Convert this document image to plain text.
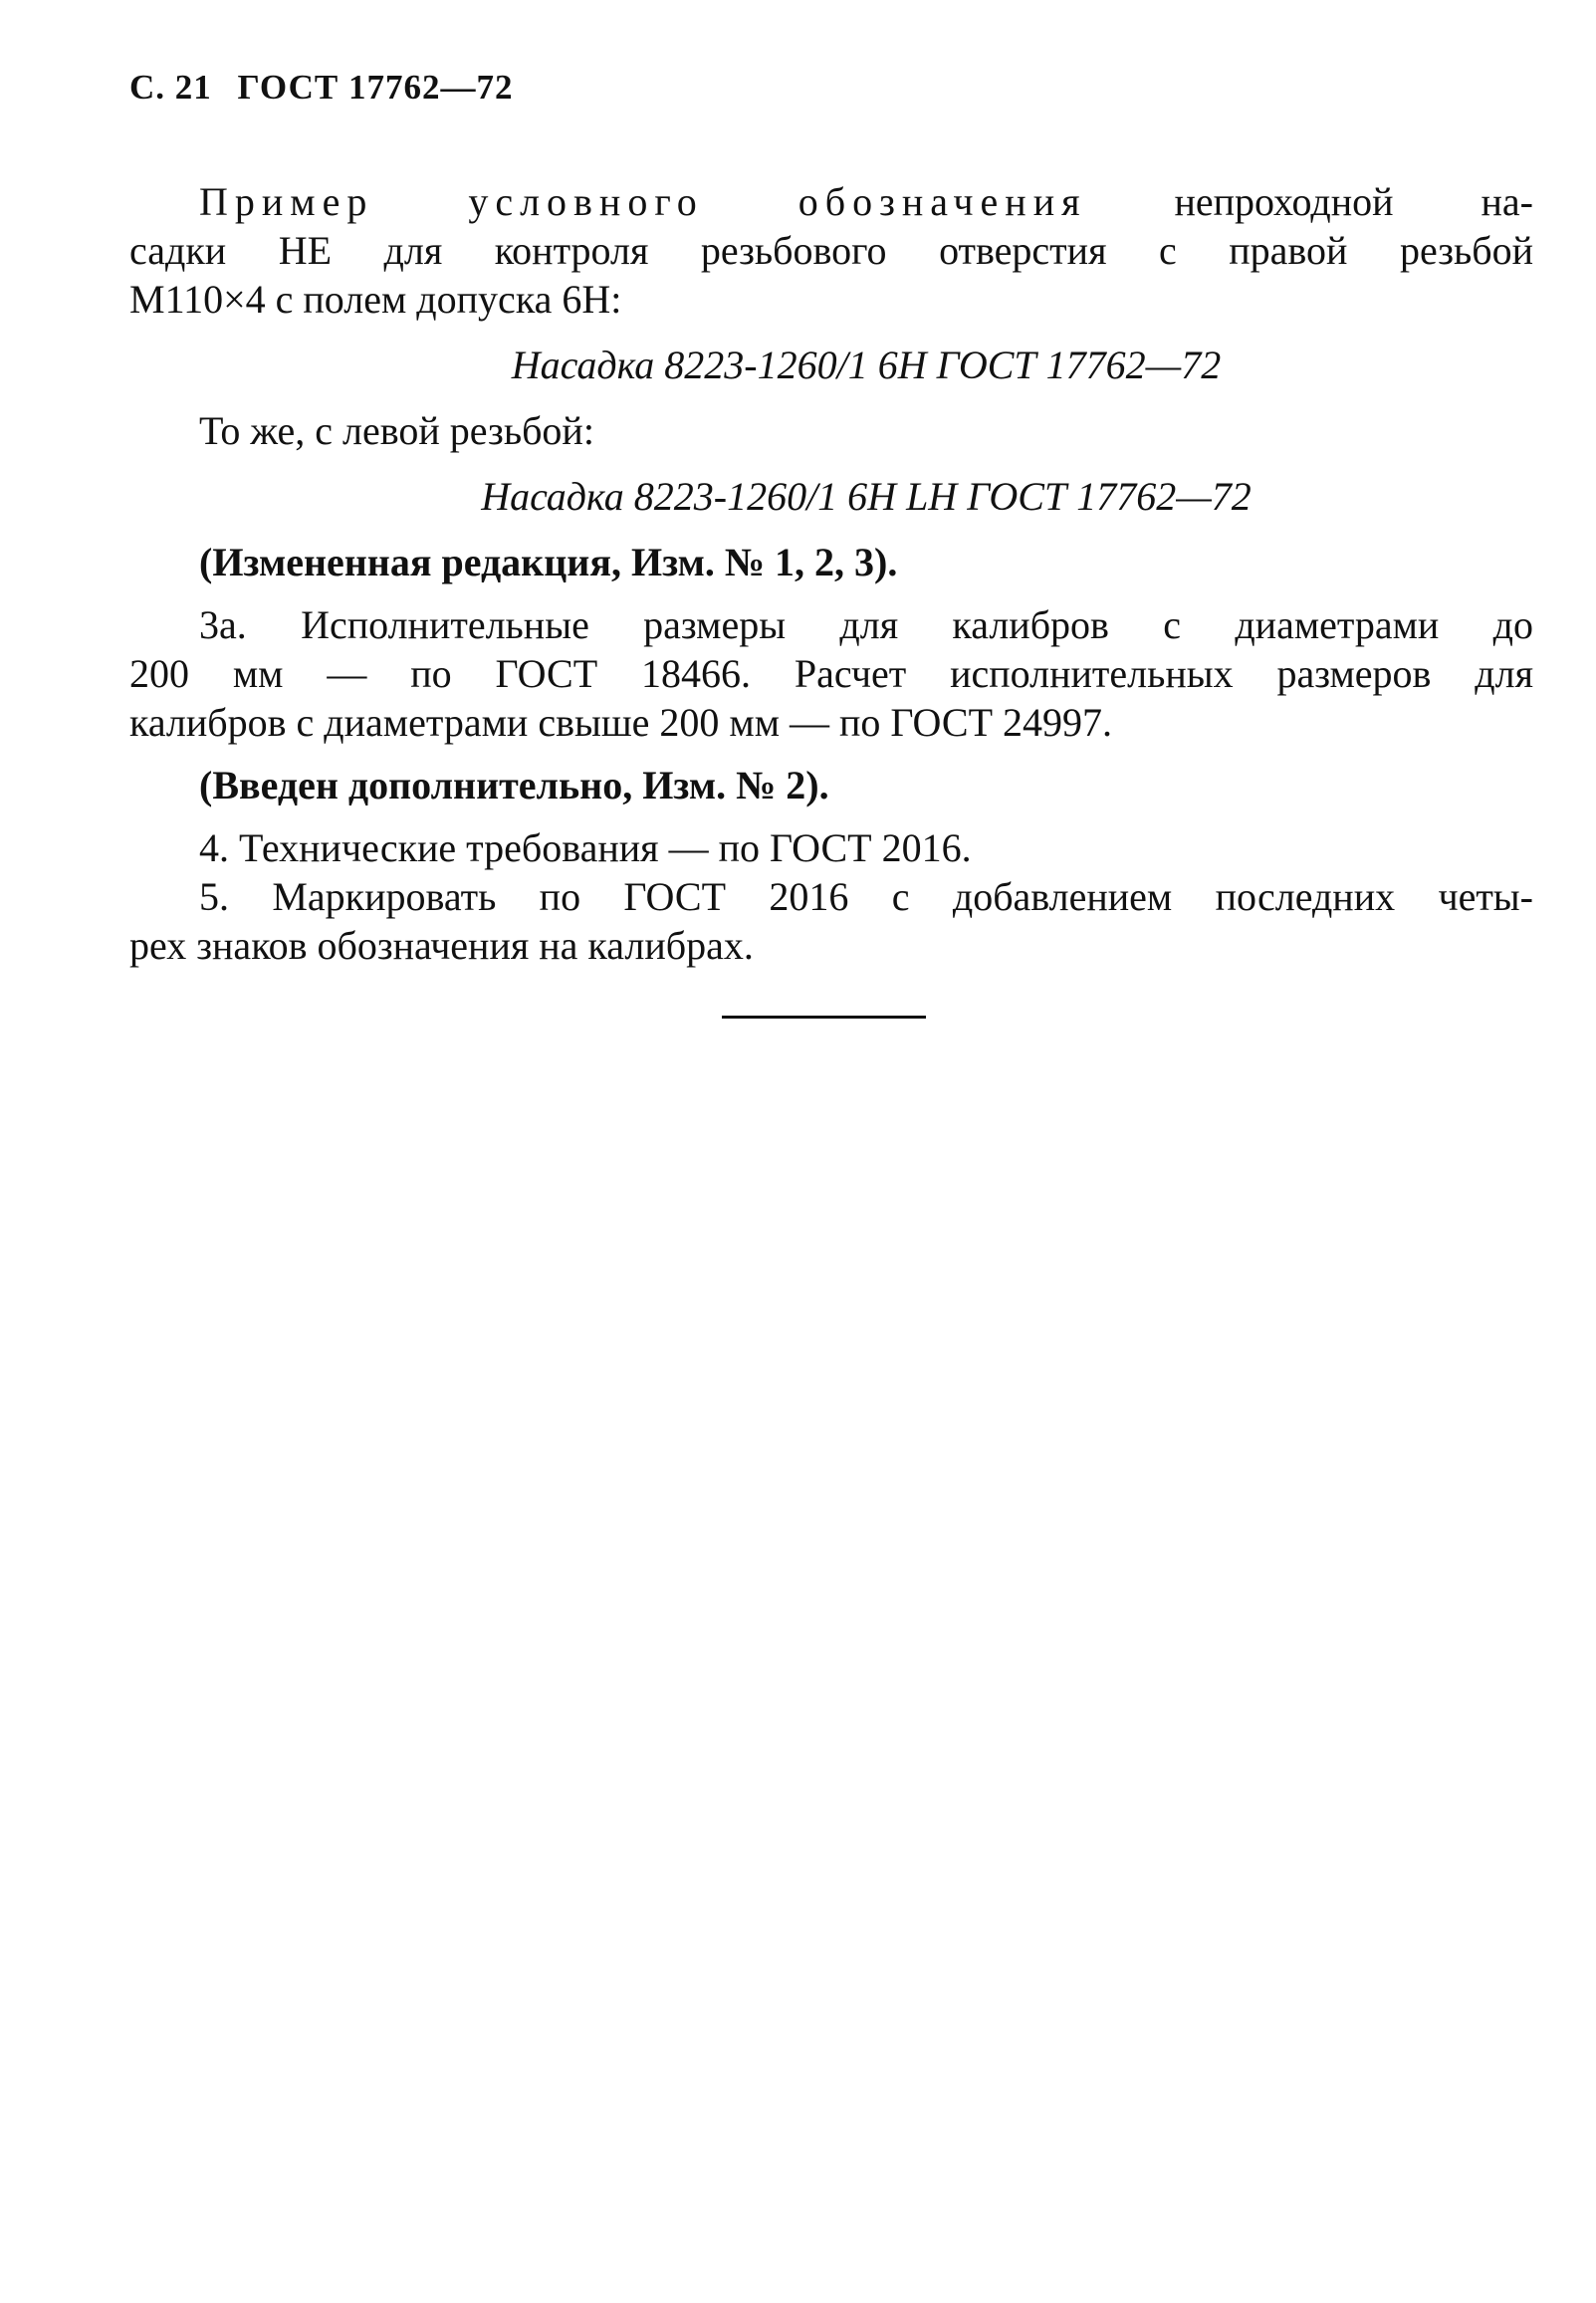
С. 21 ГОСТ 17762—72

Пример условного обозначения непроходной на-
садки НЕ для контроля резьбового отверстия с правой резьбой
М110×4 с полем допуска 6Н:

Насадка 8223-1260/1 6Н ГОСТ 17762—72

То же, с левой резьбой:

Насадка 8223-1260/1 6Н LH ГОСТ 17762—72

(Измененная редакция, Изм. № 1, 2, 3).

3а. Исполнительные размеры для калибров с диаметрами до
200 мм — по ГОСТ 18466. Расчет исполнительных размеров для
калибров с диаметрами свыше 200 мм — по ГОСТ 24997.

(Введен дополнительно, Изм. № 2).

4. Технические требования — по ГОСТ 2016.

5. Маркировать по ГОСТ 2016 с добавлением последних четы-
рех знаков обозначения на калибрах.
